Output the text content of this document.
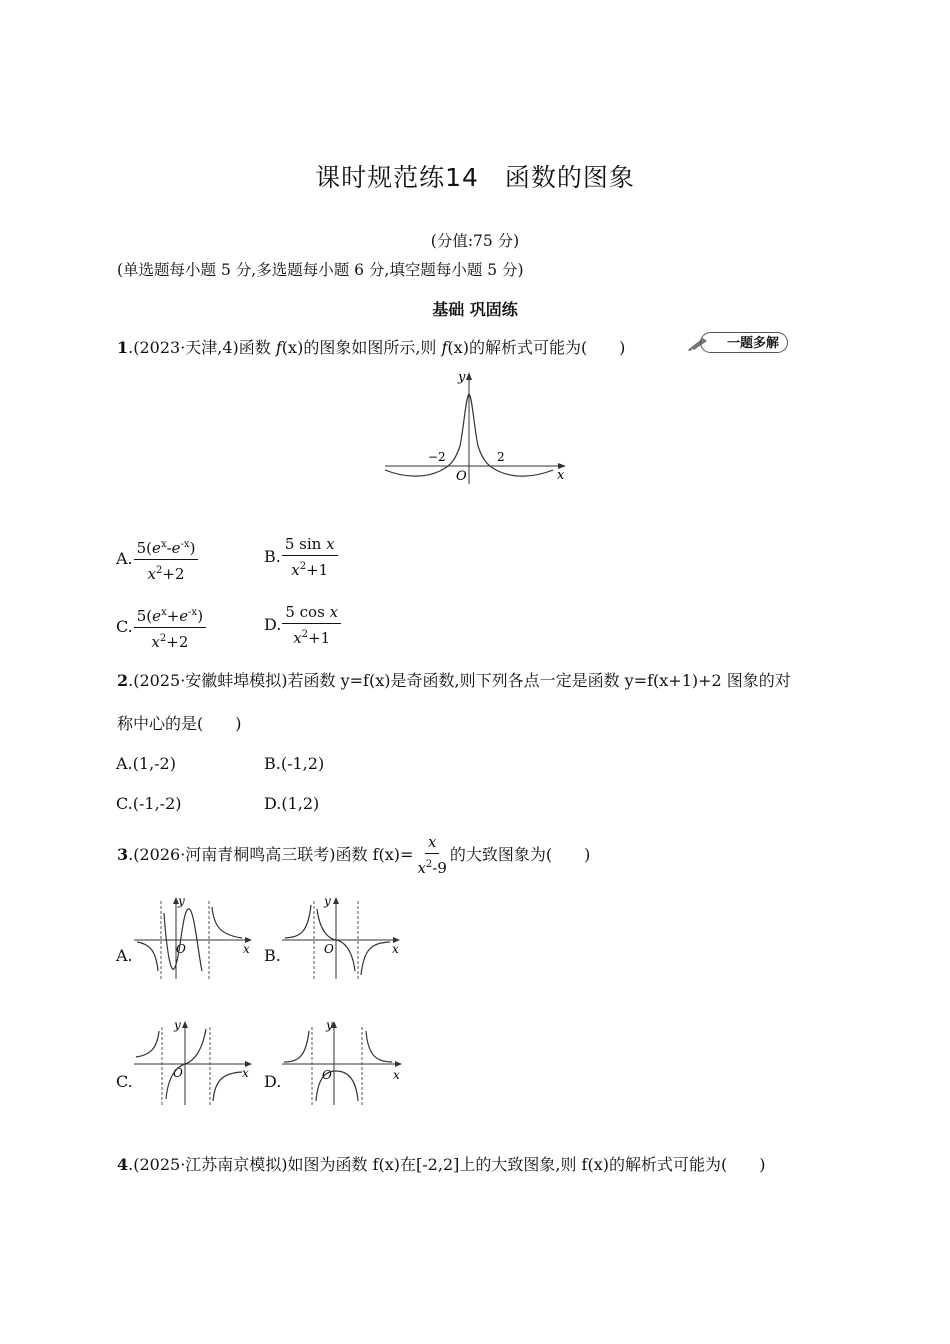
课时规范练14　函数的图象
(分值:75 分)
(单选题每小题 5 分,多选题每小题 6 分,填空题每小题 5 分)
基础 巩固练
1.(2023·天津,4)函数 f(x)的图象如图所示,则 f(x)的解析式可能为(　　)	一题多解
y
x
O
−2	2
A. $\frac{5(e^x-e^{-x})}{x^2+2}$	B. $\frac{\text{5 sin x}}{x^2+1}$
C. $\frac{5(e^x+e^{-x})}{x^2+2}$	D. $\frac{\text{5 cos x}}{x^2+1}$
2.(2025·安徽蚌埠模拟)若函数 y=f(x)是奇函数,则下列各点一定是函数 y=f(x+1)+2 图象的对
称中心的是(　　)
A.(1,-2)	B.(-1,2)
C.(-1,-2)	D.(1,2)
3.(2026·河南青桐鸣高三联考)函数 $f(x)= \frac{x}{x^2-9}$ 的大致图象为(　　)
A.
y
x
O	B.
y
x
O
C.
y
x
O	D.
y
x
O
4.(2025·江苏南京模拟)如图为函数 f(x)在[-2,2]上的大致图象,则 f(x)的解析式可能为(　　)
